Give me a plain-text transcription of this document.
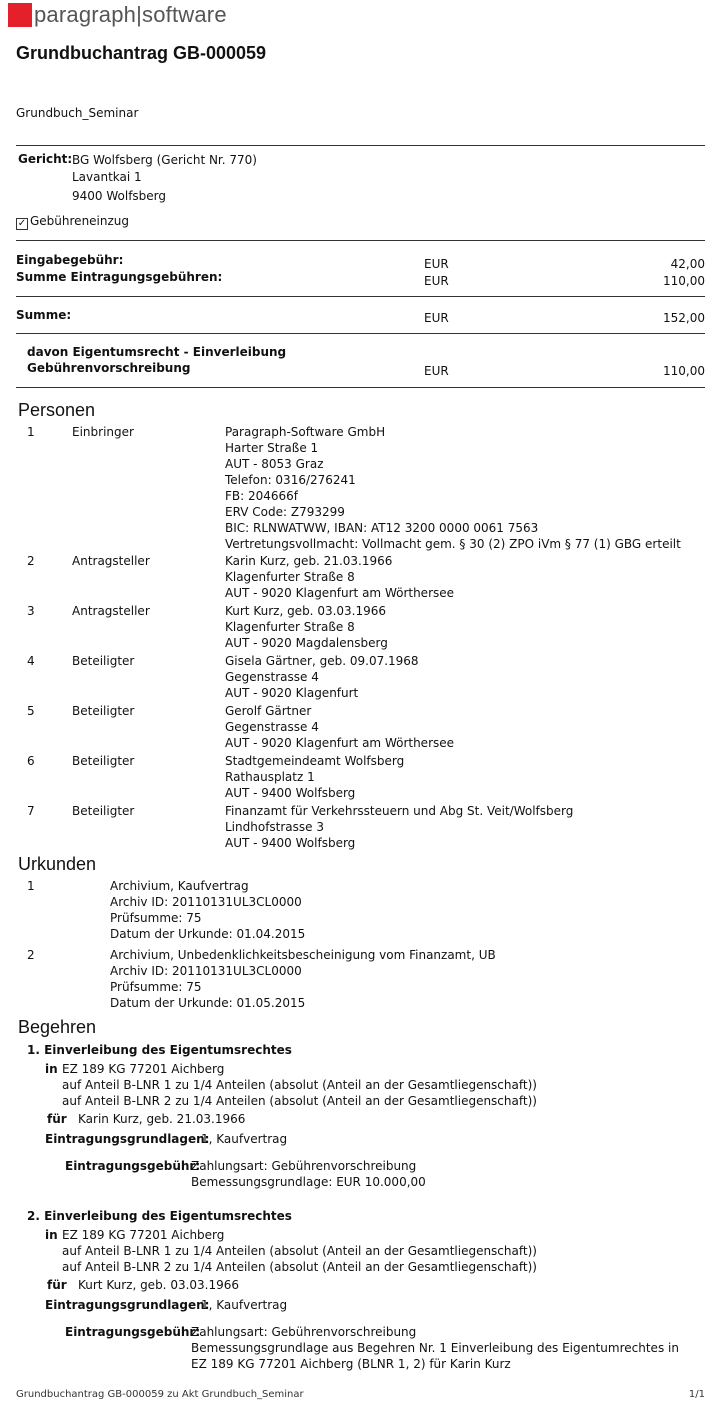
paragraph|software
Grundbuchantrag GB-000059
Grundbuch_Seminar
Gericht: BG Wolfsberg (Gericht Nr. 770)
Lavantkai 1
9400 Wolfsberg
✓ Gebühreneinzug
Eingabegebühr:	EUR	42,00
Summe Eintragungsgebühren:	EUR	110,00
Summe:	EUR	152,00
davon Eigentumsrecht - Einverleibung
Gebührenvorschreibung	EUR	110,00
Personen
Urkunden
Begehren
Grundbuchantrag GB-000059 zu Akt Grundbuch_Seminar	1/1
1	Einbringer	Paragraph-Software GmbH
Harter Straße 1
AUT - 8053 Graz
Telefon: 0316/276241
FB: 204666f
ERV Code: Z793299
BIC: RLNWATWW, IBAN: AT12 3200 0000 0061 7563
Vertretungsvollmacht: Vollmacht gem. § 30 (2) ZPO iVm § 77 (1) GBG erteilt
2	Antragsteller	Karin Kurz, geb. 21.03.1966
Klagenfurter Straße 8
AUT - 9020 Klagenfurt am Wörthersee
3	Antragsteller	Kurt Kurz, geb. 03.03.1966
Klagenfurter Straße 8
AUT - 9020 Magdalensberg
4	Beteiligter	Gisela Gärtner, geb. 09.07.1968
Gegenstrasse 4
AUT - 9020 Klagenfurt
5	Beteiligter	Gerolf Gärtner
Gegenstrasse 4
AUT - 9020 Klagenfurt am Wörthersee
6	Beteiligter	Stadtgemeindeamt Wolfsberg
Rathausplatz 1
AUT - 9400 Wolfsberg
7	Beteiligter	Finanzamt für Verkehrssteuern und Abg St. Veit/Wolfsberg
Lindhofstrasse 3
AUT - 9400 Wolfsberg
1	Archivium, Kaufvertrag
Archiv ID: 20110131UL3CL0000
Prüfsumme: 75
Datum der Urkunde: 01.04.2015
2	Archivium, Unbedenklichkeitsbescheinigung vom Finanzamt, UB
Archiv ID: 20110131UL3CL0000
Prüfsumme: 75
Datum der Urkunde: 01.05.2015
1. Einverleibung des Eigentumsrechtes
in EZ 189 KG 77201 Aichberg
auf Anteil B-LNR 1 zu 1/4 Anteilen (absolut (Anteil an der Gesamtliegenschaft))
auf Anteil B-LNR 2 zu 1/4 Anteilen (absolut (Anteil an der Gesamtliegenschaft))
für Karin Kurz, geb. 21.03.1966
Eintragungsgrundlagen:
1, Kaufvertrag
Eintragungsgebühr:
Zahlungsart: Gebührenvorschreibung
Bemessungsgrundlage: EUR 10.000,00
2. Einverleibung des Eigentumsrechtes
in EZ 189 KG 77201 Aichberg
auf Anteil B-LNR 1 zu 1/4 Anteilen (absolut (Anteil an der Gesamtliegenschaft))
auf Anteil B-LNR 2 zu 1/4 Anteilen (absolut (Anteil an der Gesamtliegenschaft))
für Kurt Kurz, geb. 03.03.1966
Eintragungsgrundlagen:
1, Kaufvertrag
Eintragungsgebühr:
Zahlungsart: Gebührenvorschreibung
Bemessungsgrundlage aus Begehren Nr. 1 Einverleibung des Eigentumrechtes in
EZ 189 KG 77201 Aichberg (BLNR 1, 2) für Karin Kurz
